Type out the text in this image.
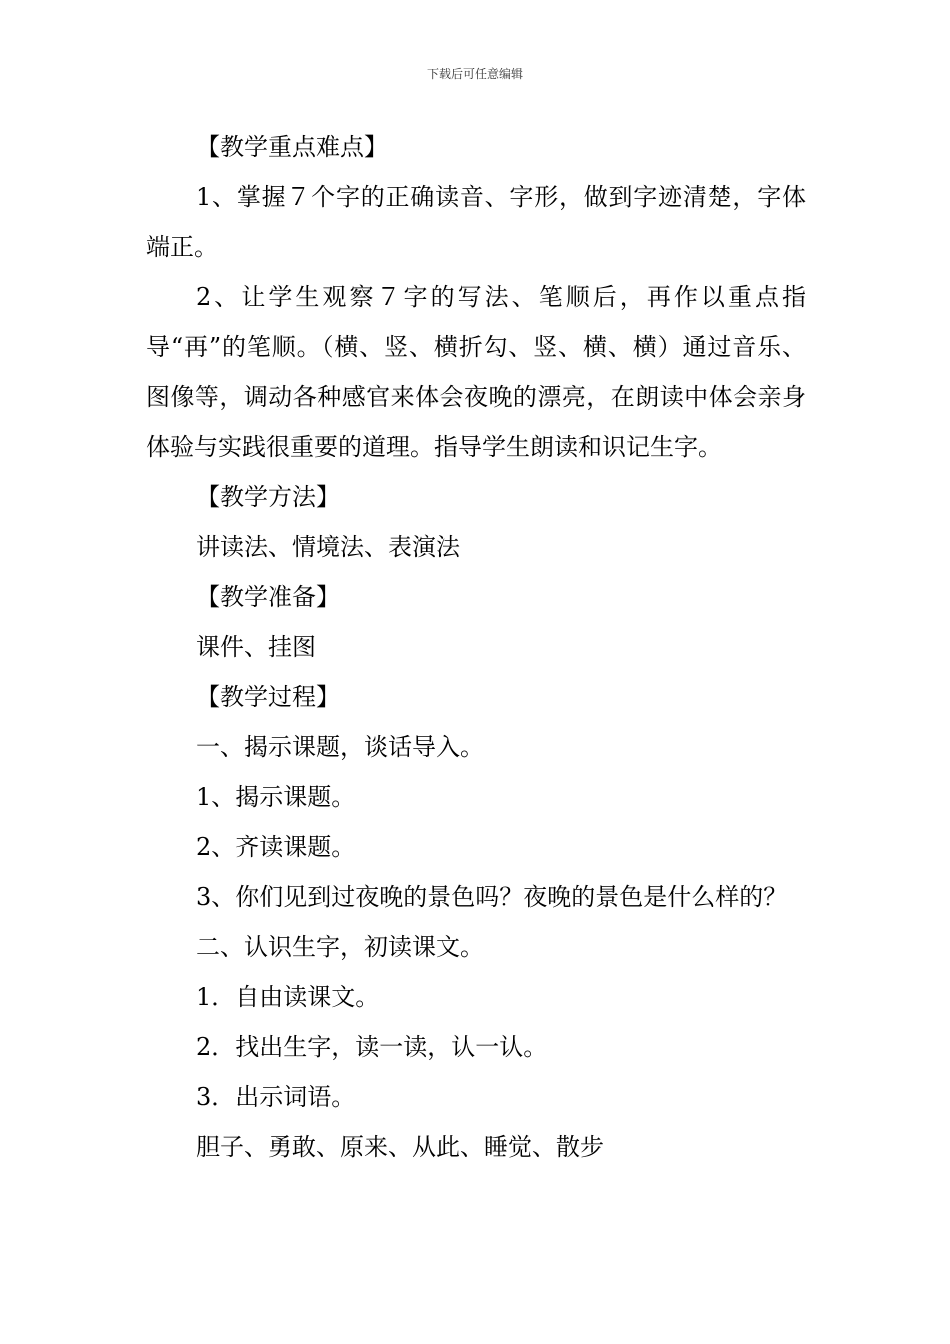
下载后可任意编辑

【教学重点难点】

1、掌握７个字的正确读音、字形，做到字迹清楚，字体端正。

2、让学生观察７字的写法、笔顺后，再作以重点指导“再”的笔顺。（横、竖、横折勾、竖、横、横）通过音乐、图像等，调动各种感官来体会夜晚的漂亮，在朗读中体会亲身体验与实践很重要的道理。指导学生朗读和识记生字。

【教学方法】

讲读法、情境法、表演法

【教学准备】

课件、挂图

【教学过程】

一、揭示课题，谈话导入。

1、揭示课题。

2、齐读课题。

3、你们见到过夜晚的景色吗？夜晚的景色是什么样的？

二、认识生字，初读课文。

1．自由读课文。

2．找出生字，读一读，认一认。

3．出示词语。

胆子、勇敢、原来、从此、睡觉、散步
